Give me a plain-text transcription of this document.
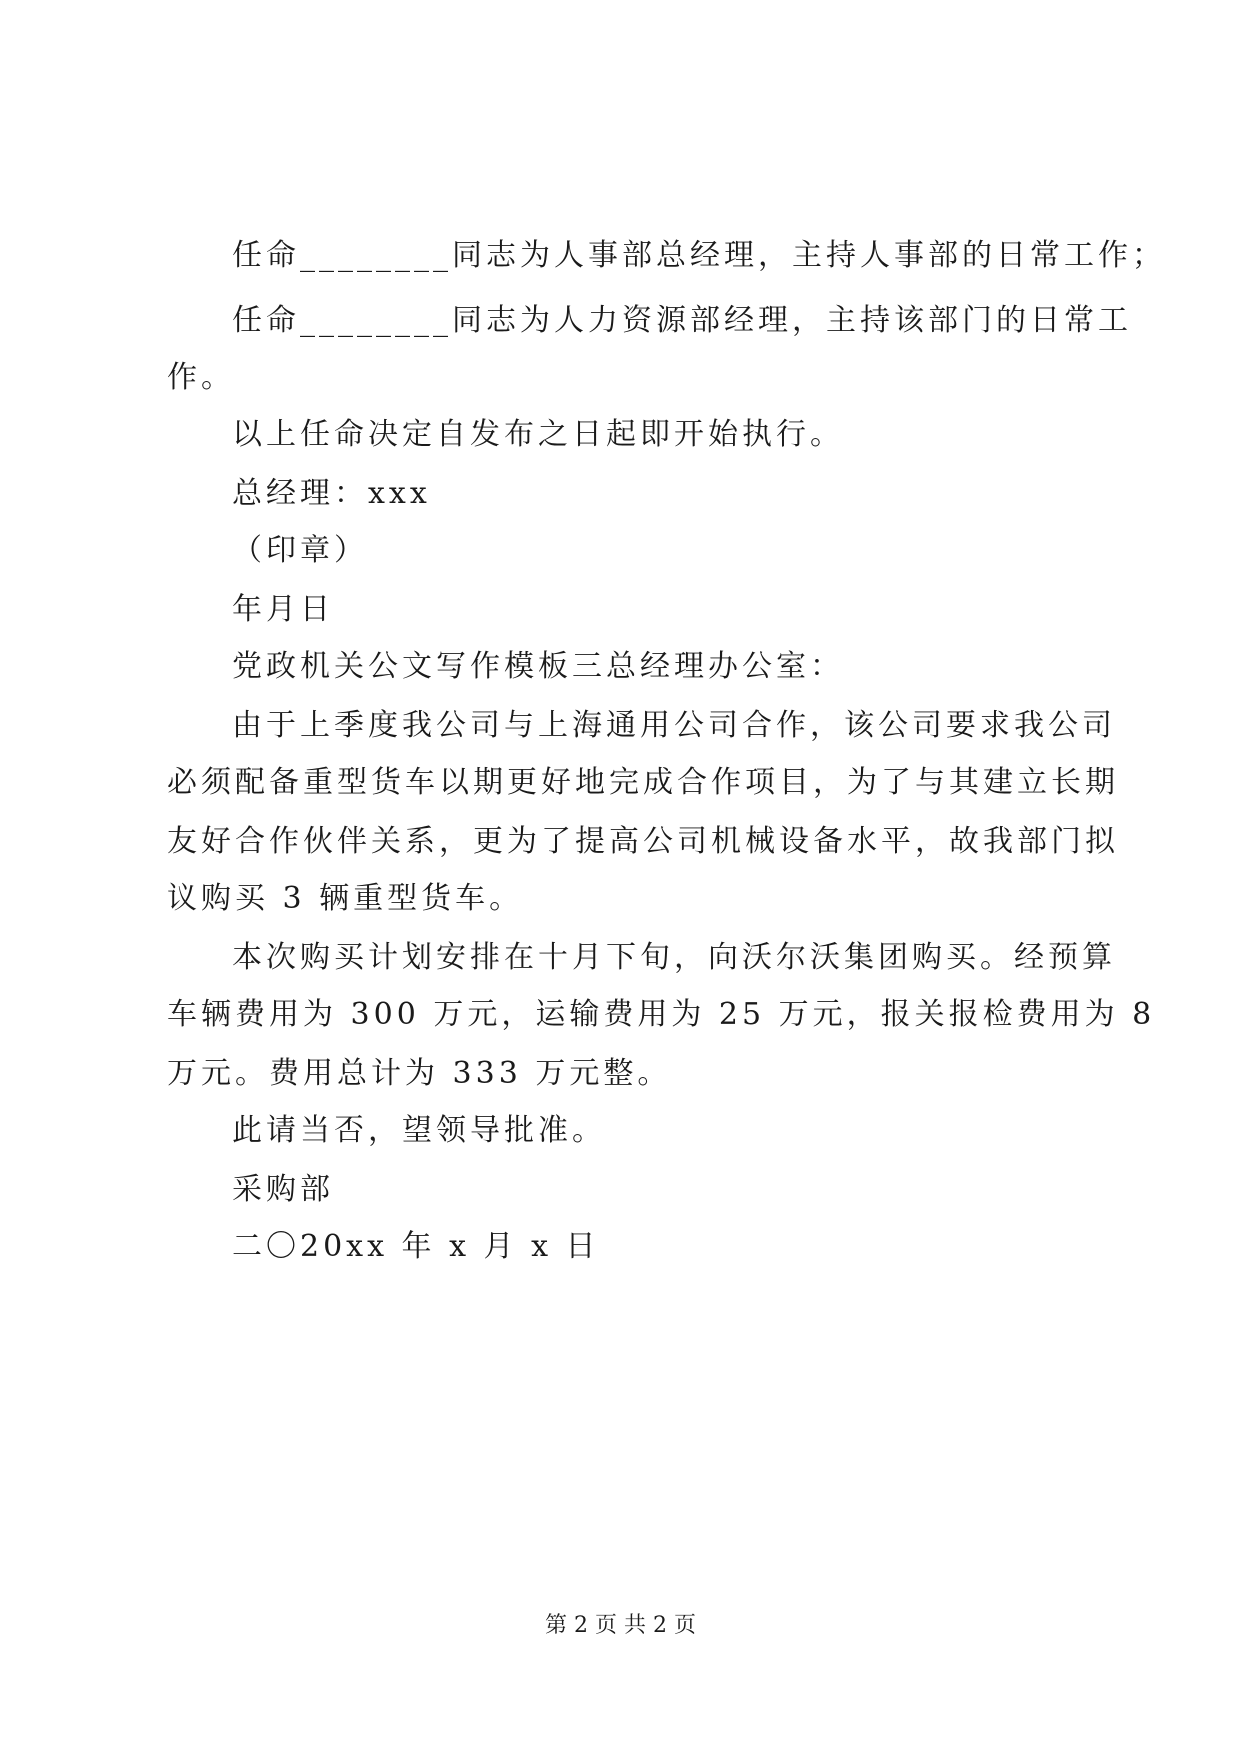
任命________同志为人事部总经理，主持人事部的日常工作；
任命________同志为人力资源部经理，主持该部门的日常工
作。
以上任命决定自发布之日起即开始执行。
总经理：xxx
（印章）
年月日
党政机关公文写作模板三总经理办公室：
由于上季度我公司与上海通用公司合作，该公司要求我公司
必须配备重型货车以期更好地完成合作项目，为了与其建立长期
友好合作伙伴关系，更为了提高公司机械设备水平，故我部门拟
议购买 3 辆重型货车。
本次购买计划安排在十月下旬，向沃尔沃集团购买。经预算
车辆费用为 300 万元，运输费用为 25 万元，报关报检费用为 8
万元。费用总计为 333 万元整。
此请当否，望领导批准。
采购部
二〇20xx 年 x 月 x 日
第 2 页 共 2 页
